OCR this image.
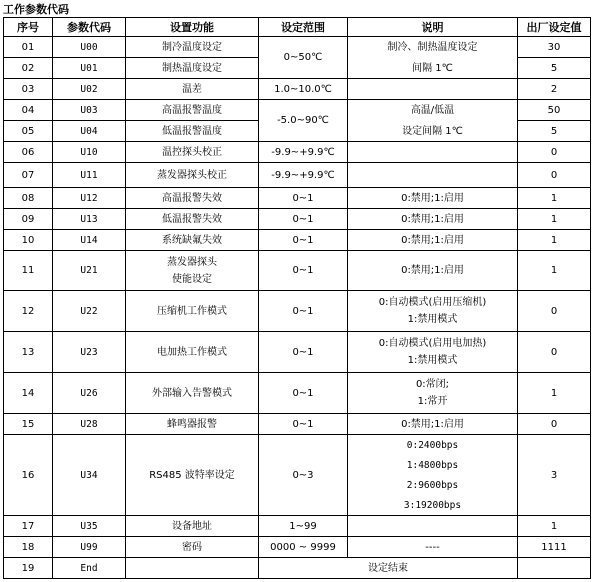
工作参数代码
序号	参数代码	设置功能	设定范围	说明	出厂设定值
01	U00	制冷温度设定	0~50℃	制冷、制热温度设定
间隔 1℃	30
02	U01	制热温度设定			5
03	U02	温差	1.0~10.0℃		2
04	U03	高温报警温度	-5.0~90℃	高温/低温
设定间隔 1℃	50
05	U04	低温报警温度			5
06	U10	温控探头校正	-9.9~+9.9℃		0
07	U11	蒸发器探头校正	-9.9~+9.9℃		0
08	U12	高温报警失效	0~1	0:禁用;1:启用	1
09	U13	低温报警失效	0~1	0:禁用;1:启用	1
10	U14	系统缺氟失效	0~1	0:禁用;1:启用	1
11	U21	蒸发器探头
使能设定	0~1	0:禁用;1:启用	1
12	U22	压缩机工作模式	0~1	0:自动模式(启用压缩机)
1:禁用模式	0
13	U23	电加热工作模式	0~1	0:自动模式(启用电加热)
1:禁用模式	0
14	U26	外部输入告警模式	0~1	0:常闭;
1:常开	1
15	U28	蜂鸣器报警	0~1	0:禁用;1:启用	0
16	U34	RS485 波特率设定	0~3	0:2400bps
1:4800bps
2:9600bps
3:19200bps	3
17	U35	设备地址	1~99		1
18	U99	密码	0000 ~ 9999	----	1111
19	End		设定结束		
